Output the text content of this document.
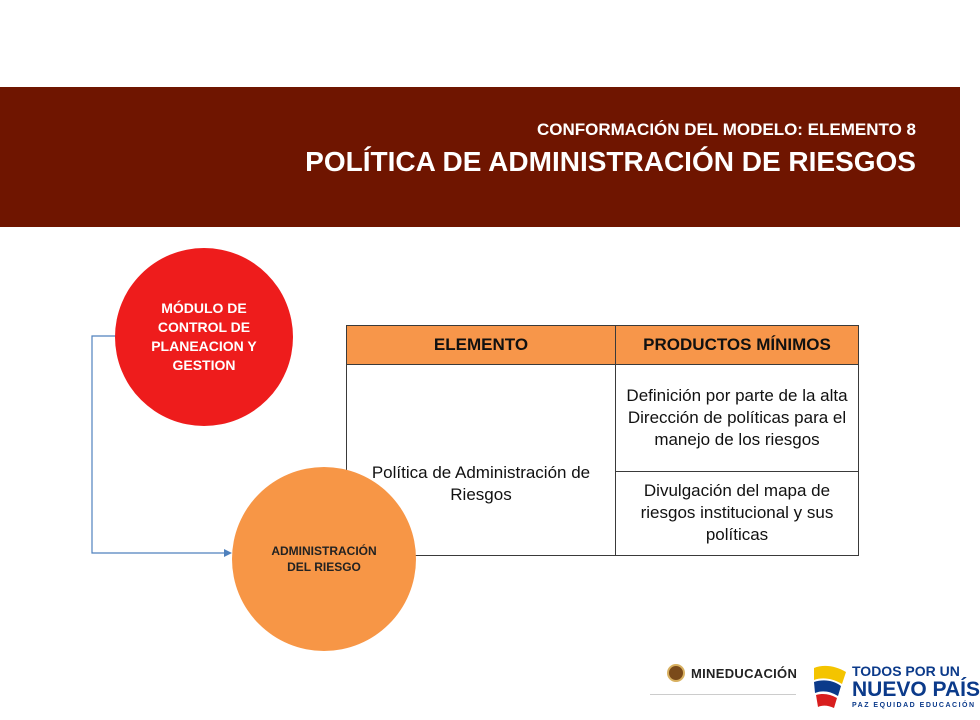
CONFORMACIÓN DEL MODELO: ELEMENTO 8
POLÍTICA DE ADMINISTRACIÓN DE RIESGOS
ELEMENTO	PRODUCTOS MÍNIMOS
Política de Administración de Riesgos	Definición por parte de la alta Dirección de políticas para el manejo de los riesgos
	Divulgación del mapa de riesgos institucional y sus políticas
MÓDULO DE
CONTROL DE
PLANEACION Y
GESTION
ADMINISTRACIÓN
DEL RIESGO
MINEDUCACIÓN	TODOS POR UN
NUEVO PAÍS
PAZ EQUIDAD EDUCACIÓN
